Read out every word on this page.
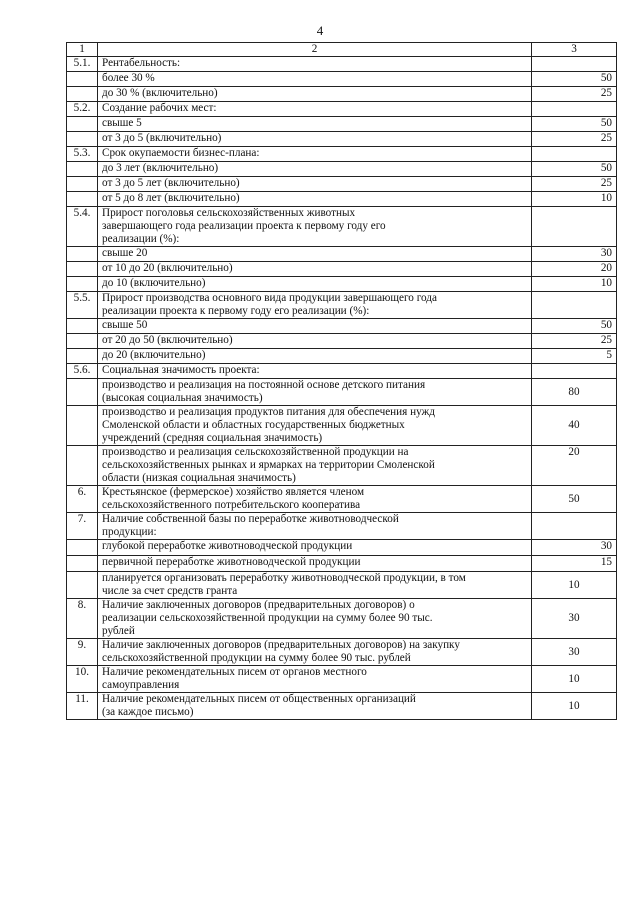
4
1	2	3
5.1.	Рентабельность:	
	более 30 %	50
	до 30 % (включительно)	25
5.2.	Создание рабочих мест:	
	свыше 5	50
	от 3 до 5 (включительно)	25
5.3.	Срок окупаемости бизнес-плана:	
	до 3 лет (включительно)	50
	от 3 до 5 лет (включительно)	25
	от 5 до 8 лет (включительно)	10
5.4.	Прирост поголовья сельскохозяйственных животных
завершающего года реализации проекта к первому году его
реализации (%):	

	свыше 20	30
	от 10 до 20 (включительно)	20
	до 10 (включительно)	10
5.5.	Прирост производства основного вида продукции завершающего года
реализации проекта к первому году его реализации (%):	

	свыше 50	50
	от 20 до 50 (включительно)	25
	до 20 (включительно)	5
5.6.	Социальная значимость проекта:	

	производство и реализация на постоянной основе детского питания
(высокая социальная значимость)	80

	производство и реализация продуктов питания для обеспечения нужд
Смоленской области и областных государственных бюджетных
учреждений (средняя социальная значимость)	40

	производство и реализация сельскохозяйственной продукции на
сельскохозяйственных рынках и ярмарках на территории Смоленской
области (низкая социальная значимость)	20
6.	Крестьянское (фермерское) хозяйство является членом
сельскохозяйственного потребительского кооператива	50
7.	Наличие собственной базы по переработке животноводческой
продукции:	

	глубокой переработке животноводческой продукции	30
	первичной переработке животноводческой продукции	15

	планируется организовать переработку животноводческой продукции, в том
числе за счет средств гранта	10
8.	Наличие заключенных договоров (предварительных договоров) о
реализации сельскохозяйственной продукции на сумму более 90 тыс.
рублей	30
9.	Наличие заключенных договоров (предварительных договоров) на закупку
сельскохозяйственной продукции на сумму более 90 тыс. рублей	30
10.	Наличие рекомендательных писем от органов местного
самоуправления	10
11.	Наличие рекомендательных писем от общественных организаций
(за каждое письмо)	10
